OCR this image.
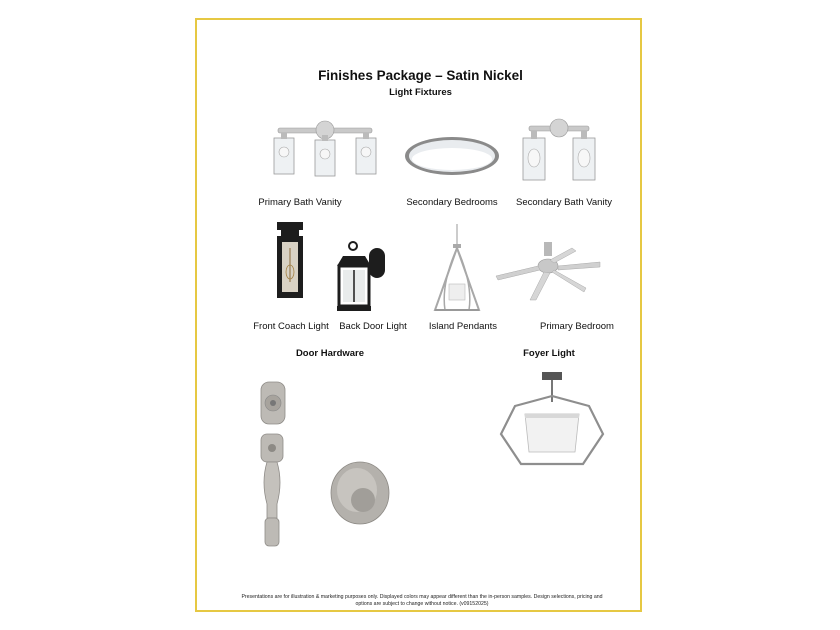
Finishes Package – Satin Nickel
Light Fixtures
Primary Bath Vanity	Secondary Bedrooms	Secondary Bath Vanity
Front Coach Light	Back Door Light	Island Pendants	Primary Bedroom
Door Hardware	Foyer Light
Presentations are for illustration & marketing purposes only. Displayed colors may appear different than the in-person samples. Design selections, pricing and
options are subject to change without notice. (v09152025)
